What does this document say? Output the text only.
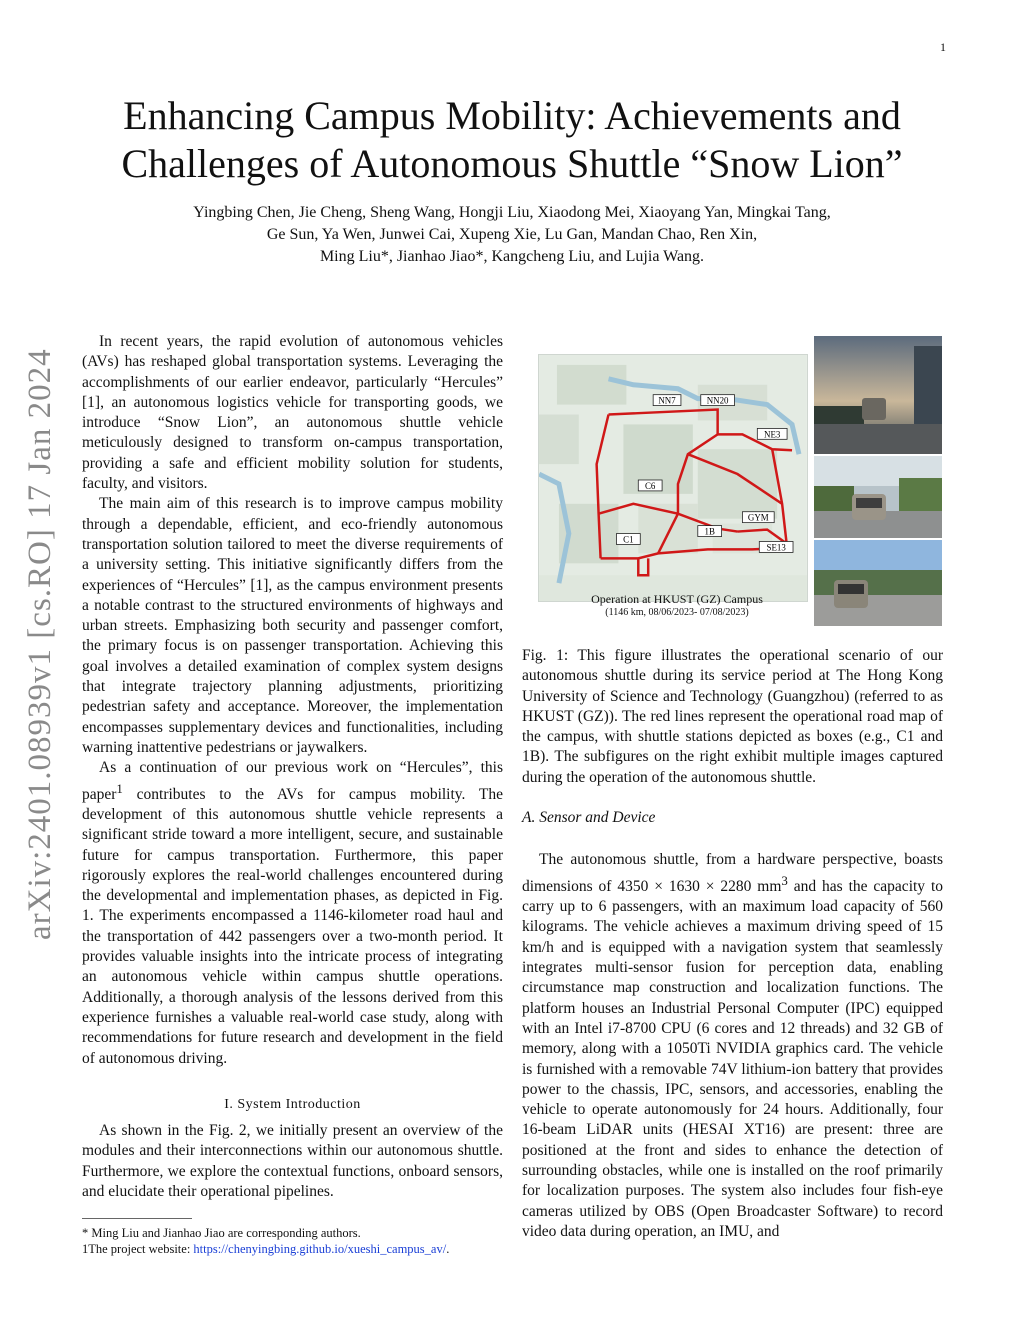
1
arXiv:2401.08939v1 [cs.RO] 17 Jan 2024
Enhancing Campus Mobility: Achievements and
Challenges of Autonomous Shuttle “Snow Lion”
Yingbing Chen, Jie Cheng, Sheng Wang, Hongji Liu, Xiaodong Mei, Xiaoyang Yan, Mingkai Tang,
Ge Sun, Ya Wen, Junwei Cai, Xupeng Xie, Lu Gan, Mandan Chao, Ren Xin,
Ming Liu*, Jianhao Jiao*, Kangcheng Liu, and Lujia Wang.

In recent years, the rapid evolution of autonomous vehicles (AVs) has reshaped global transportation systems. Leveraging the accomplishments of our earlier endeavor, particularly “Hercules” [1], an autonomous logistics vehicle for transporting goods, we introduce “Snow Lion”, an autonomous shuttle vehicle meticulously designed to transform on-campus transportation, providing a safe and efficient mobility solution for students, faculty, and visitors.

The main aim of this research is to improve campus mobility through a dependable, efficient, and eco-friendly autonomous transportation solution tailored to meet the diverse requirements of a university setting. This initiative significantly differs from the experiences of “Hercules” [1], as the campus environment presents a notable contrast to the structured environments of highways and urban streets. Emphasizing both security and passenger comfort, the primary focus is on passenger transportation. Achieving this goal involves a detailed examination of complex system designs that integrate trajectory planning adjustments, prioritizing pedestrian safety and acceptance. Moreover, the implementation encompasses supplementary devices and functionalities, including warning inattentive pedestrians or jaywalkers.

As a continuation of our previous work on “Hercules”, this paper$^1$ contributes to the AVs for campus mobility. The development of this autonomous shuttle vehicle represents a significant stride toward a more intelligent, secure, and sustainable future for campus transportation. Furthermore, this paper rigorously explores the real-world challenges encountered during the developmental and implementation phases, as depicted in Fig. 1. The experiments encompassed a 1146-kilometer road haul and the transportation of 442 passengers over a two-month period. It provides valuable insights into the intricate process of integrating an autonomous vehicle within campus shuttle operations. Additionally, a thorough analysis of the lessons derived from this experience furnishes a valuable real-world case study, along with recommendations for future research and development in the field of autonomous driving.

I. System Introduction

As shown in the Fig. 2, we initially present an overview of the modules and their interconnections within our autonomous shuttle. Furthermore, we explore the contextual functions, onboard sensors, and elucidate their operational pipelines.

* Ming Liu and Jianhao Jiao are corresponding authors.
1The project website: https://chenyingbing.github.io/xueshi_campus_av/.
NN7	NN20
NE3
C6
GYM
1B
C1
SE13
Operation at HKUST (GZ) Campus
(1146 km, 08/06/2023- 07/08/2023)

Fig. 1: This figure illustrates the operational scenario of our autonomous shuttle during its service period at The Hong Kong University of Science and Technology (Guangzhou) (referred to as HKUST (GZ)). The red lines represent the operational road map of the campus, with shuttle stations depicted as boxes (e.g., C1 and 1B). The subfigures on the right exhibit multiple images captured during the operation of the autonomous shuttle.

A. Sensor and Device

The autonomous shuttle, from a hardware perspective, boasts dimensions of 4350 × 1630 × 2280 $mm^3$ and has the capacity to carry up to 6 passengers, with an maximum load capacity of 560 kilograms. The vehicle achieves a maximum driving speed of 15 km/h and is equipped with a navigation system that seamlessly integrates multi-sensor fusion for perception data, enabling circumstance map construction and localization functions. The platform houses an Industrial Personal Computer (IPC) equipped with an Intel i7-8700 CPU (6 cores and 12 threads) and 32 GB of memory, along with a 1050Ti NVIDIA graphics card. The vehicle is furnished with a removable 74V lithium-ion battery that provides power to the chassis, IPC, sensors, and accessories, enabling the vehicle to operate autonomously for 24 hours. Additionally, four 16-beam LiDAR units (HESAI XT16) are present: three are positioned at the front and sides to enhance the detection of surrounding obstacles, while one is installed on the roof primarily for localization purposes. The system also includes four fish-eye cameras utilized by OBS (Open Broadcaster Software) to record video data during operation, an IMU, and
